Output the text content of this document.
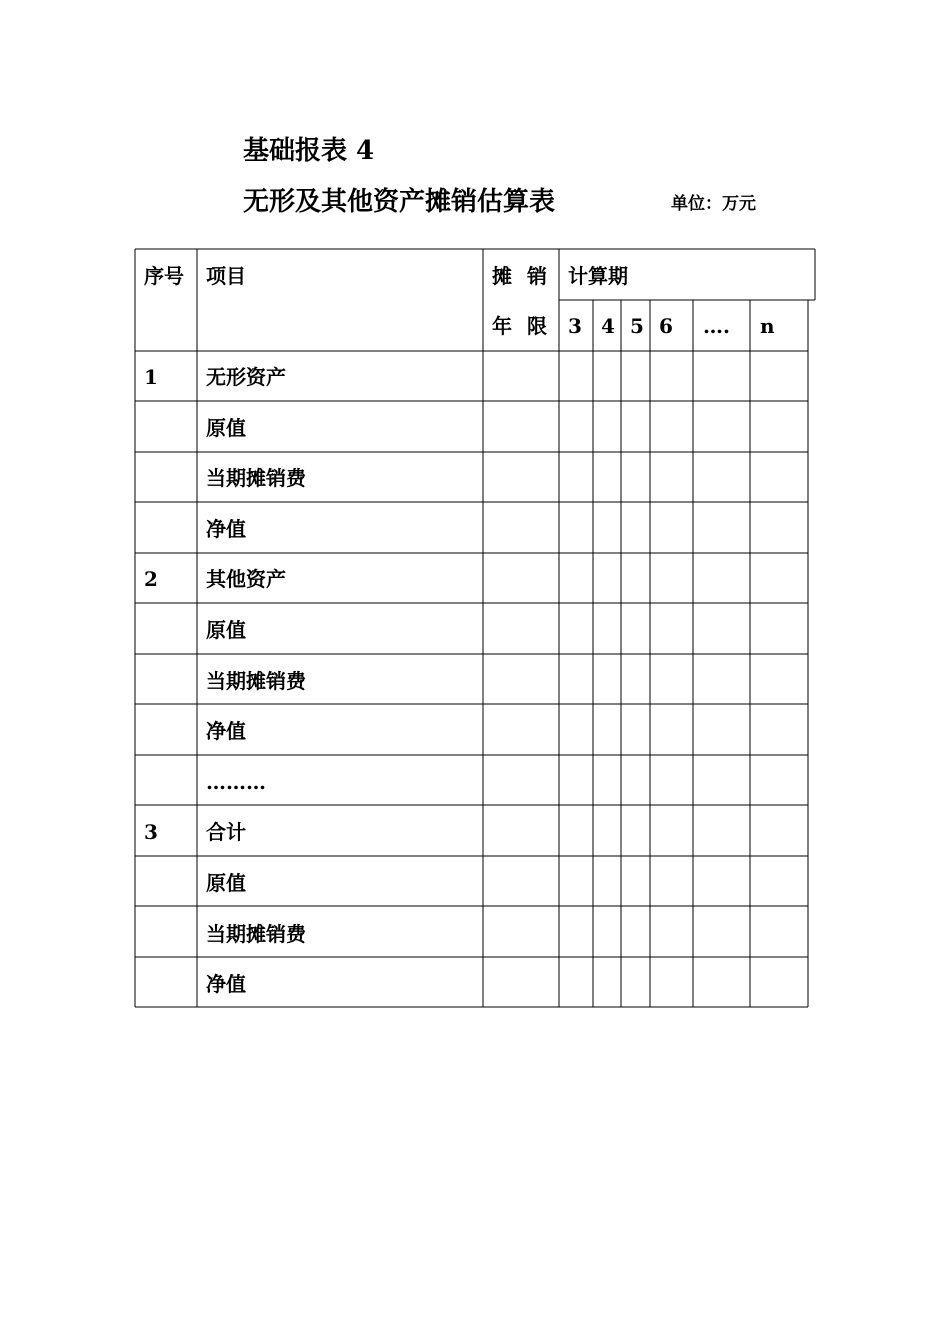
基础报表 4
无形及其他资产摊销估算表	单位：万元
序号 项目	摊 销
年 限
计算期
3 4 5 6 …. n
1 无形资产
原值
当期摊销费
净值
2 其他资产
原值
当期摊销费
净值
………
3 合计
原值
当期摊销费
净值
